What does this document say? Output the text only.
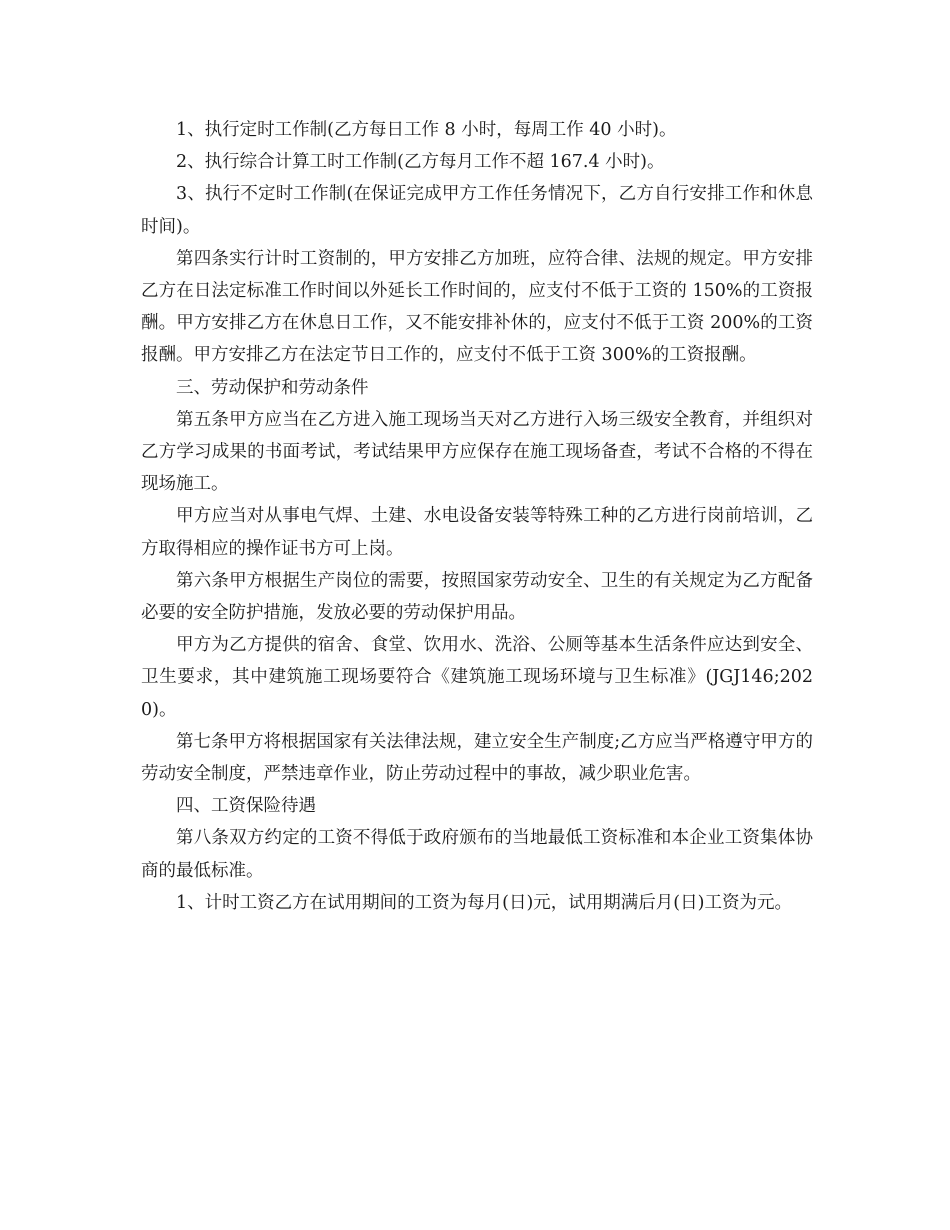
1、执行定时工作制(乙方每日工作 8 小时，每周工作 40 小时)。

2、执行综合计算工时工作制(乙方每月工作不超 167.4 小时)。

3、执行不定时工作制(在保证完成甲方工作任务情况下，乙方自行安排工作和休息时间)。

第四条实行计时工资制的，甲方安排乙方加班，应符合律、法规的规定。甲方安排乙方在日法定标准工作时间以外延长工作时间的，应支付不低于工资的 150%的工资报酬。甲方安排乙方在休息日工作，又不能安排补休的，应支付不低于工资 200%的工资报酬。甲方安排乙方在法定节日工作的，应支付不低于工资 300%的工资报酬。

三、劳动保护和劳动条件

第五条甲方应当在乙方进入施工现场当天对乙方进行入场三级安全教育，并组织对乙方学习成果的书面考试，考试结果甲方应保存在施工现场备查，考试不合格的不得在现场施工。

甲方应当对从事电气焊、土建、水电设备安装等特殊工种的乙方进行岗前培训，乙方取得相应的操作证书方可上岗。

第六条甲方根据生产岗位的需要，按照国家劳动安全、卫生的有关规定为乙方配备必要的安全防护措施，发放必要的劳动保护用品。

甲方为乙方提供的宿舍、食堂、饮用水、洗浴、公厕等基本生活条件应达到安全、卫生要求，其中建筑施工现场要符合《建筑施工现场环境与卫生标准》(JGJ146;2020)。

第七条甲方将根据国家有关法律法规，建立安全生产制度;乙方应当严格遵守甲方的劳动安全制度，严禁违章作业，防止劳动过程中的事故，减少职业危害。

四、工资保险待遇

第八条双方约定的工资不得低于政府颁布的当地最低工资标准和本企业工资集体协商的最低标准。

1、计时工资乙方在试用期间的工资为每月(日)元，试用期满后月(日)工资为元。
